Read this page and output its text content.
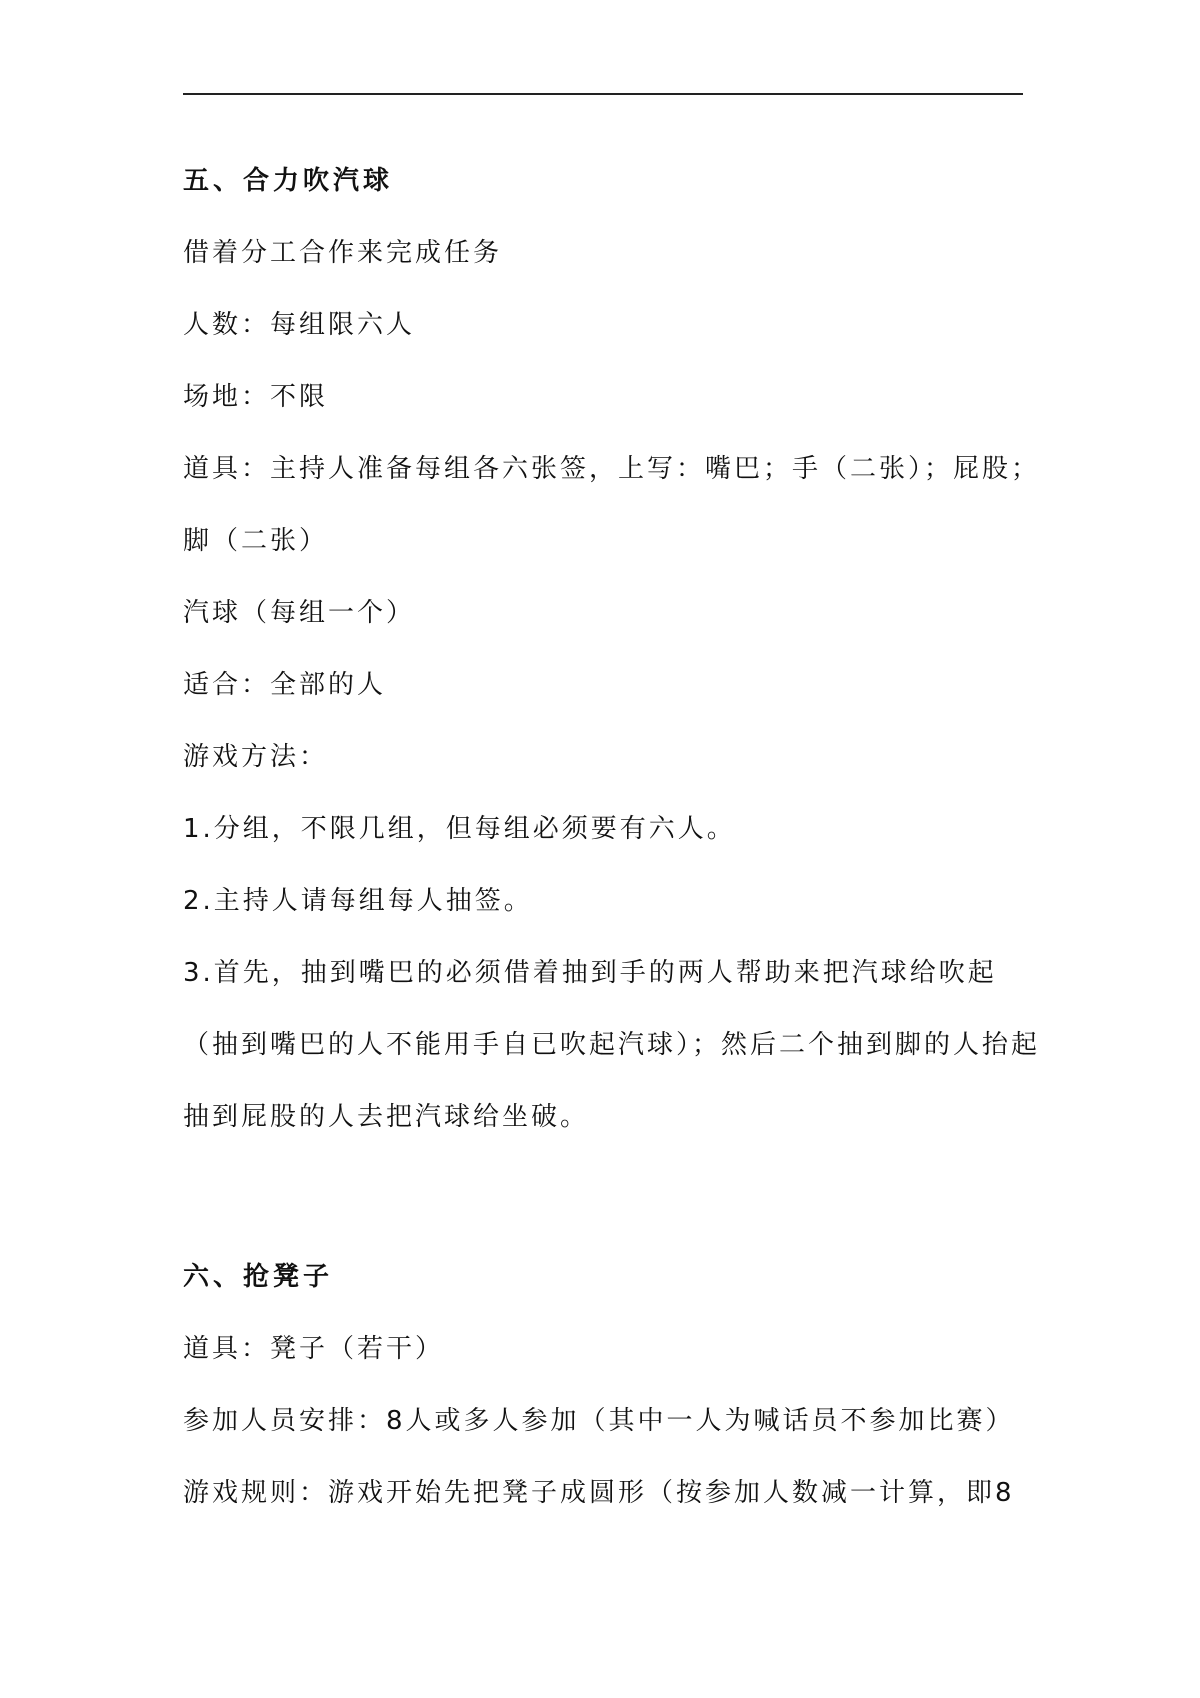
五、合力吹汽球
借着分工合作来完成任务
人数：每组限六人
场地：不限
道具：主持人准备每组各六张签，上写：嘴巴；手（二张）；屁股；
脚（二张）
汽球（每组一个）
适合：全部的人
游戏方法：
1.分组，不限几组，但每组必须要有六人。
2.主持人请每组每人抽签。
3.首先，抽到嘴巴的必须借着抽到手的两人帮助来把汽球给吹起
（抽到嘴巴的人不能用手自已吹起汽球）；然后二个抽到脚的人抬起
抽到屁股的人去把汽球给坐破。
六、抢凳子
道具：凳子（若干）
参加人员安排：8人或多人参加（其中一人为喊话员不参加比赛）
游戏规则：游戏开始先把凳子成圆形（按参加人数减一计算，即8
